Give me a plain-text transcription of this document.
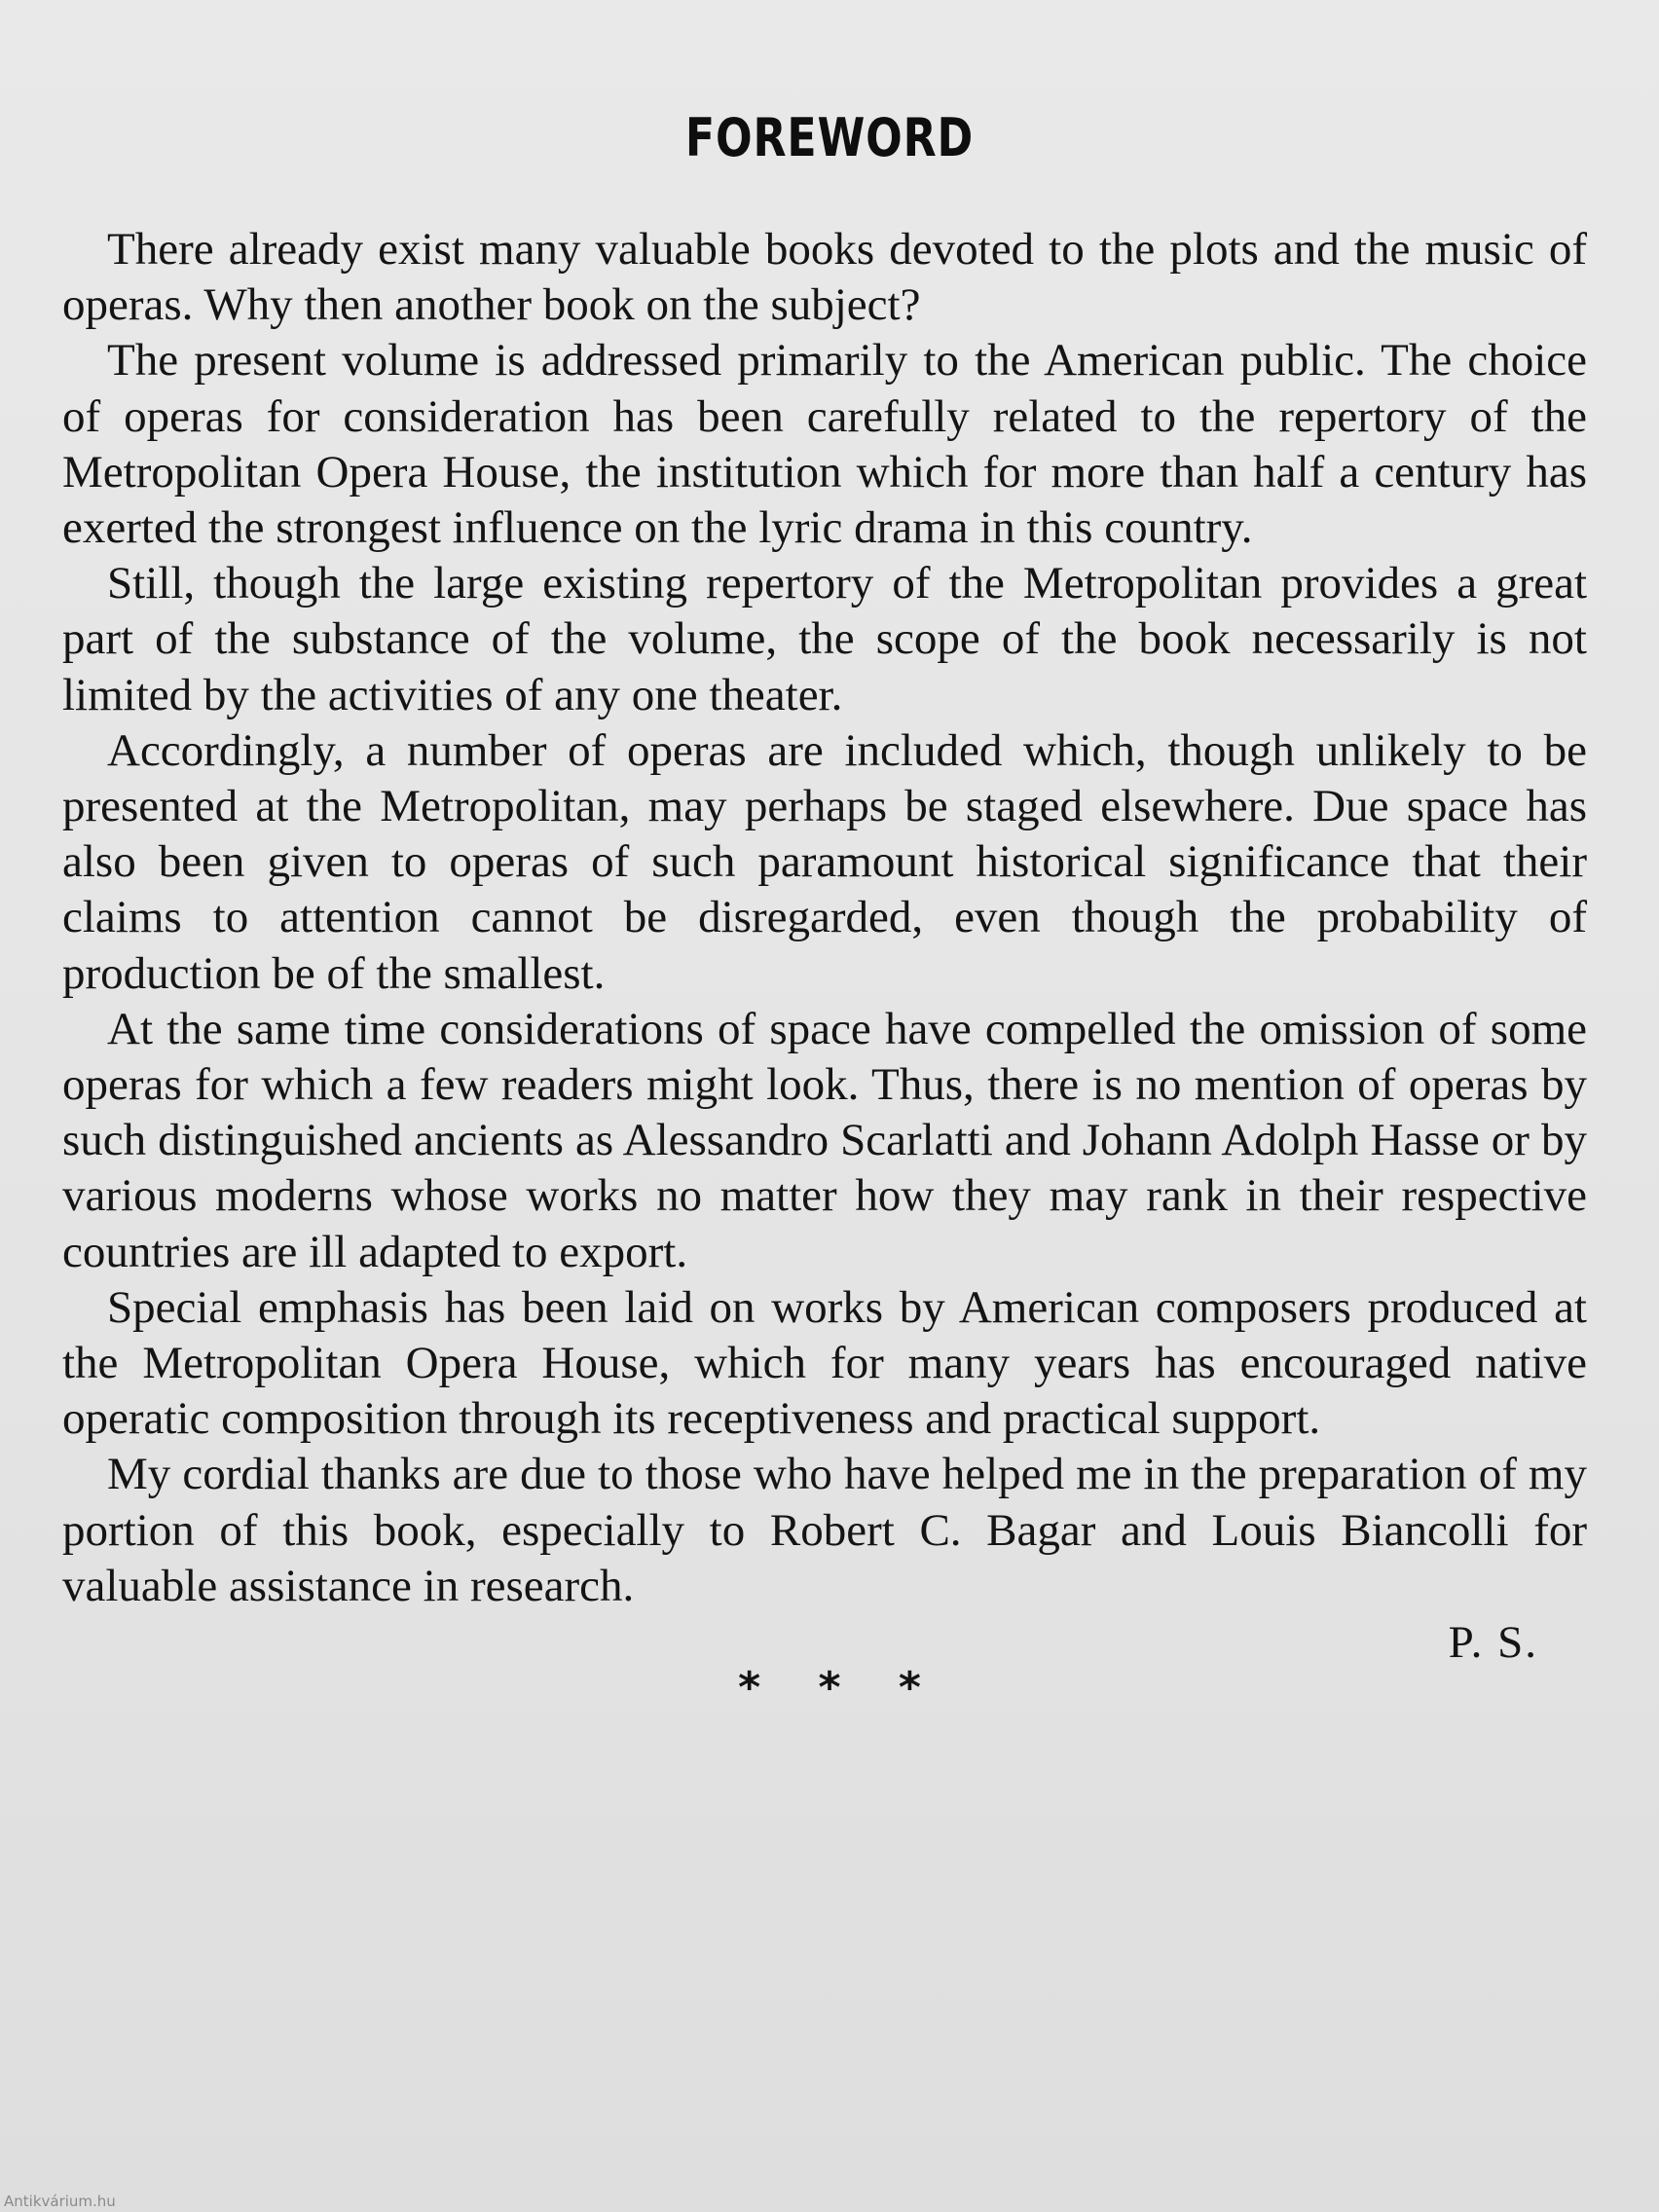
FOREWORD

There already exist many valuable books devoted to the plots and the music of operas. Why then another book on the subject?

The present volume is addressed primarily to the American public. The choice of operas for consideration has been carefully related to the repertory of the Metropolitan Opera House, the institution which for more than half a century has exerted the strongest influence on the lyric drama in this country.

Still, though the large existing repertory of the Metropolitan provides a great part of the substance of the volume, the scope of the book necessarily is not limited by the activities of any one theater.

Accordingly, a number of operas are included which, though unlikely to be presented at the Metropolitan, may perhaps be staged elsewhere. Due space has also been given to operas of such paramount historical significance that their claims to attention cannot be disregarded, even though the probability of production be of the smallest.

At the same time considerations of space have compelled the omission of some operas for which a few readers might look. Thus, there is no mention of operas by such distinguished ancients as Alessandro Scarlatti and Johann Adolph Hasse or by various moderns whose works no matter how they may rank in their respective countries are ill adapted to export.

Special emphasis has been laid on works by American composers produced at the Metropolitan Opera House, which for many years has encouraged native operatic composition through its receptiveness and practical support.

My cordial thanks are due to those who have helped me in the preparation of my portion of this book, especially to Robert C. Bagar and Louis Biancolli for valuable assistance in research.

P. S.
* * *
Antikvárium.hu
